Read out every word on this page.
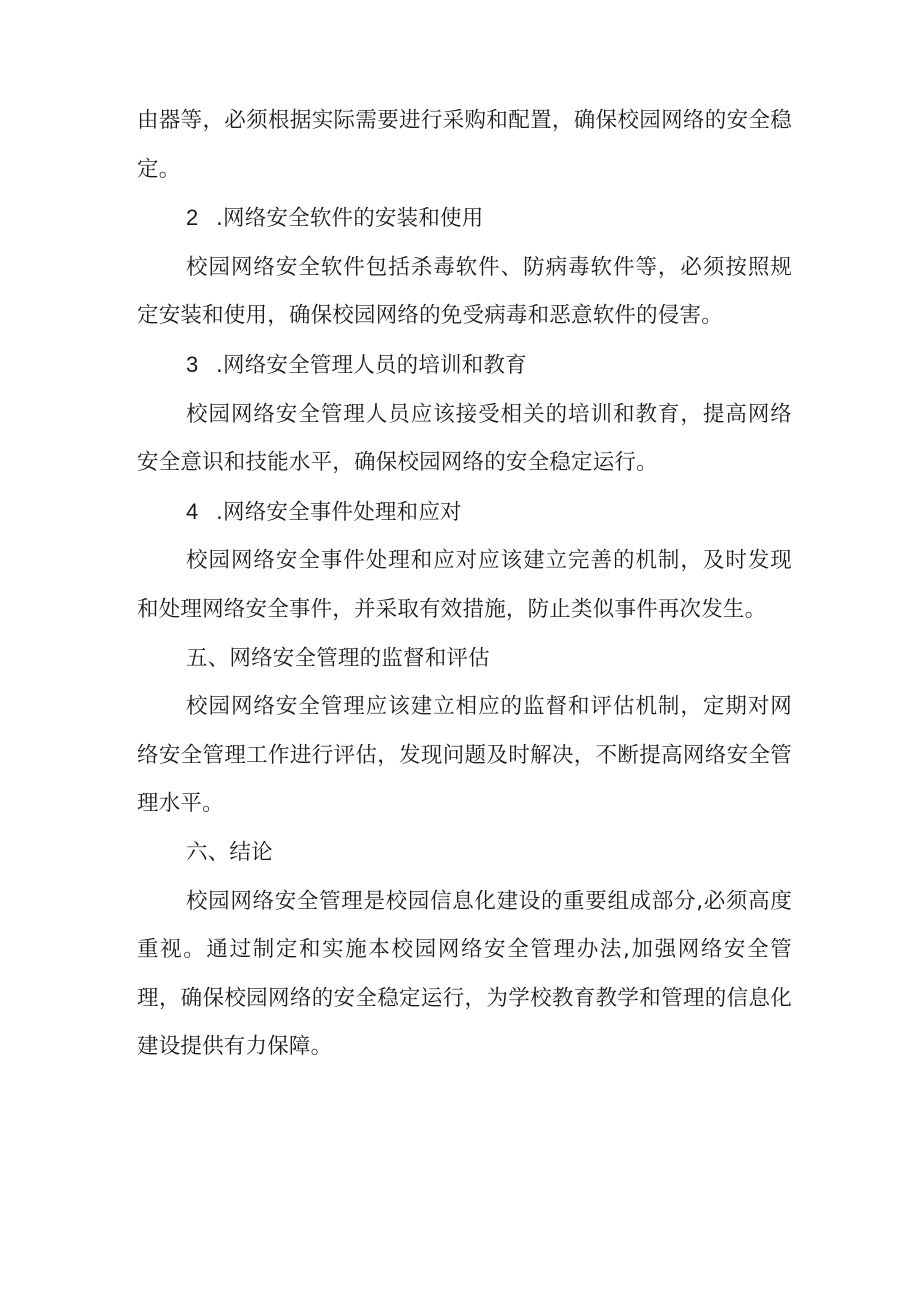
由器等，必须根据实际需要进行采购和配置，确保校园网络的安全稳定。

2 .网络安全软件的安装和使用

校园网络安全软件包括杀毒软件、防病毒软件等，必须按照规定安装和使用，确保校园网络的免受病毒和恶意软件的侵害。

3 .网络安全管理人员的培训和教育

校园网络安全管理人员应该接受相关的培训和教育，提高网络安全意识和技能水平，确保校园网络的安全稳定运行。

4 .网络安全事件处理和应对

校园网络安全事件处理和应对应该建立完善的机制，及时发现和处理网络安全事件，并采取有效措施，防止类似事件再次发生。

五、网络安全管理的监督和评估

校园网络安全管理应该建立相应的监督和评估机制，定期对网络安全管理工作进行评估，发现问题及时解决，不断提高网络安全管理水平。

六、结论

校园网络安全管理是校园信息化建设的重要组成部分,必须高度重视。通过制定和实施本校园网络安全管理办法,加强网络安全管理，确保校园网络的安全稳定运行，为学校教育教学和管理的信息化建设提供有力保障。
